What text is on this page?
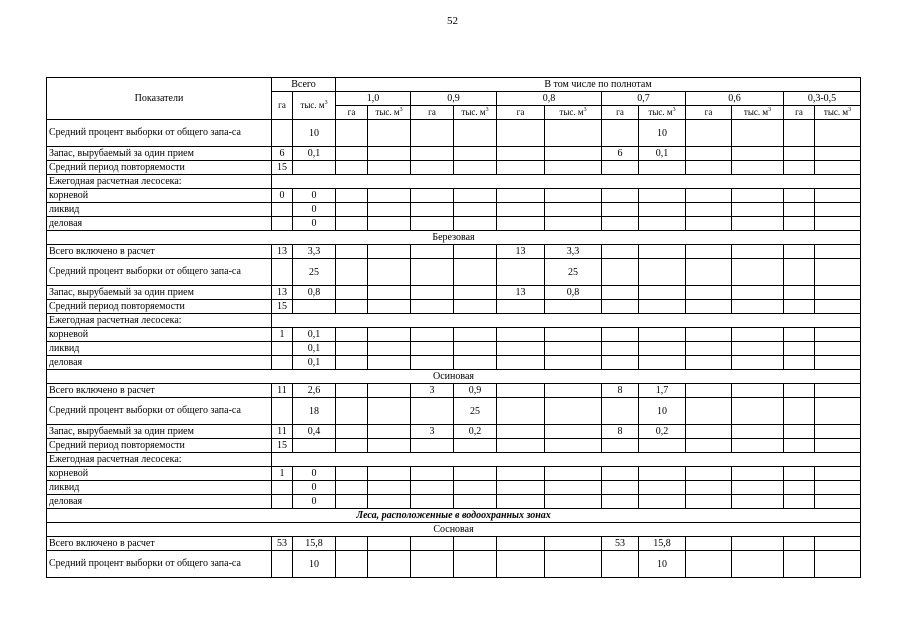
52
Показатели	Всего		В том числе по полнотам											
	га	тыс. $м^3$	1,0		0,9		0,8		0,7		0,6		0,3-0,5	
			га	тыс. $м^3$	га	тыс. $м^3$	га	тыс. $м^3$	га	тыс. $м^3$	га	тыс. $м^3$	га	тыс. $м^3$
Средний процент выборки от общего запа-са		10								10				
Запас, вырубаемый за один прием	6	0,1							6	0,1				
Средний период повторяемости	15													
Ежегодная расчетная лесосека:														
корневой	0	0												
ликвид		0												
деловая		0												
Березовая														
Всего включено в расчет	13	3,3					13	3,3						
Средний процент выборки от общего запа-са		25						25						
Запас, вырубаемый за один прием	13	0,8					13	0,8						
Средний период повторяемости	15													
Ежегодная расчетная лесосека:														
корневой	1	0,1												
ликвид		0,1												
деловая		0,1												
Осиновая														
Всего включено в расчет	11	2,6			3	0,9			8	1,7				
Средний процент выборки от общего запа-са		18				25				10				
Запас, вырубаемый за один прием	11	0,4			3	0,2			8	0,2				
Средний период повторяемости	15													
Ежегодная расчетная лесосека:														
корневой	1	0												
ликвид		0												
деловая		0												
Леса, расположенные в водоохранных зонах														
Сосновая														
Всего включено в расчет	53	15,8							53	15,8				
Средний процент выборки от общего запа-са		10								10				
